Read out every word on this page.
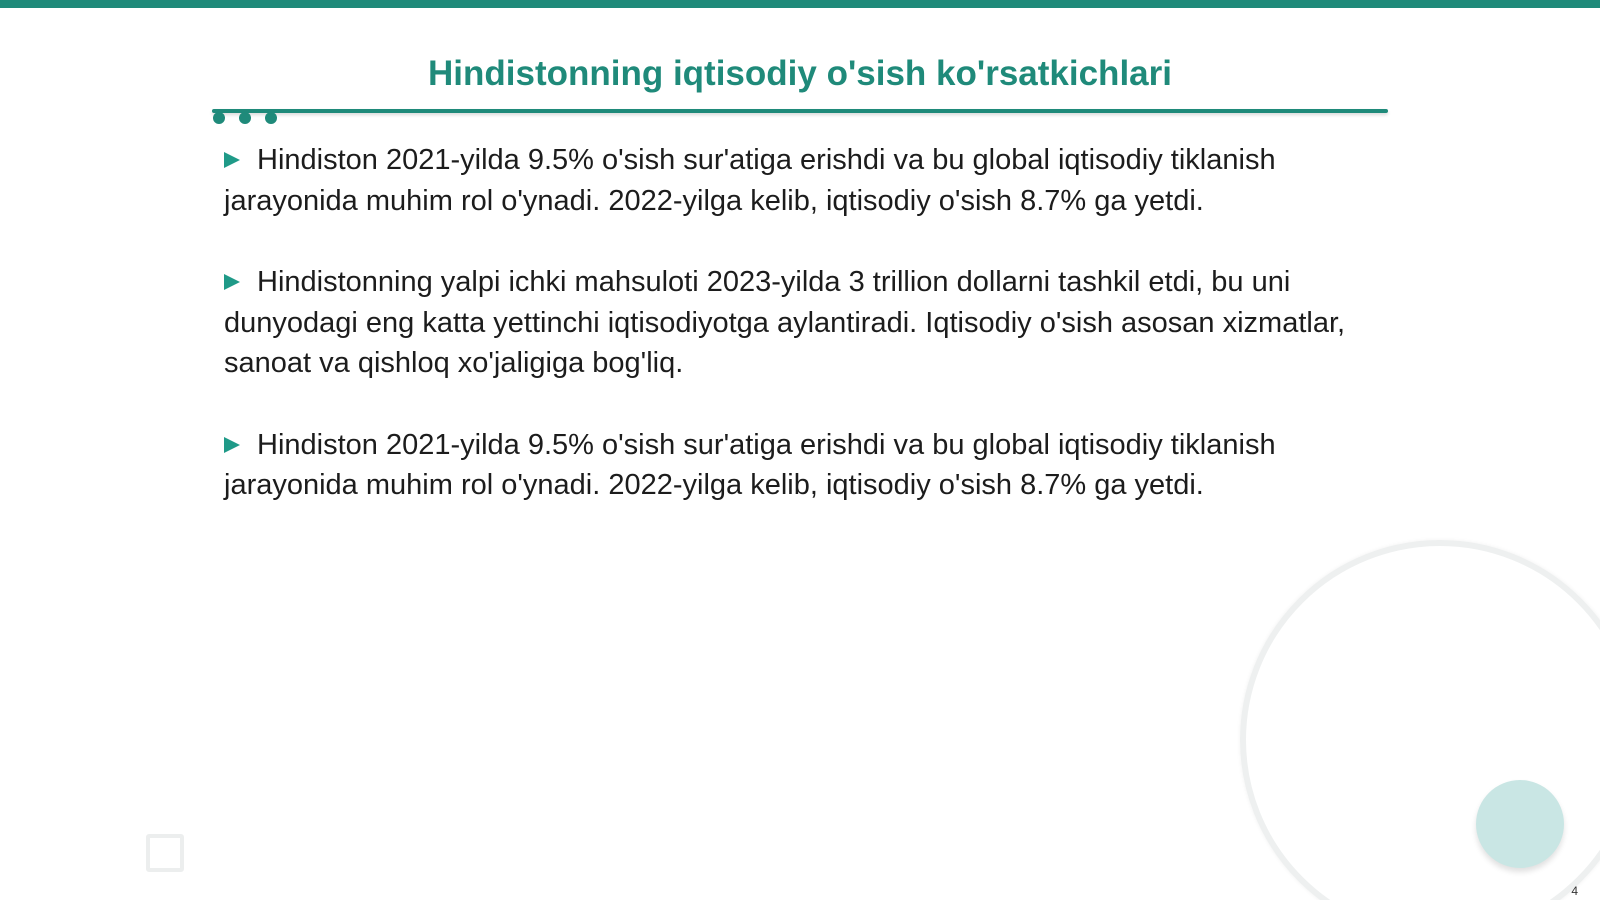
Hindistonning iqtisodiy o'sish ko'rsatkichlari
Hindiston 2021-yilda 9.5% o'sish sur'atiga erishdi va bu global iqtisodiy tiklanish jarayonida muhim rol o'ynadi. 2022-yilga kelib, iqtisodiy o'sish 8.7% ga yetdi.
Hindistonning yalpi ichki mahsuloti 2023-yilda 3 trillion dollarni tashkil etdi, bu uni dunyodagi eng katta yettinchi iqtisodiyotga aylantiradi. Iqtisodiy o'sish asosan xizmatlar, sanoat va qishloq xo'jaligiga bog'liq.
Hindiston 2021-yilda 9.5% o'sish sur'atiga erishdi va bu global iqtisodiy tiklanish jarayonida muhim rol o'ynadi. 2022-yilga kelib, iqtisodiy o'sish 8.7% ga yetdi.
4
